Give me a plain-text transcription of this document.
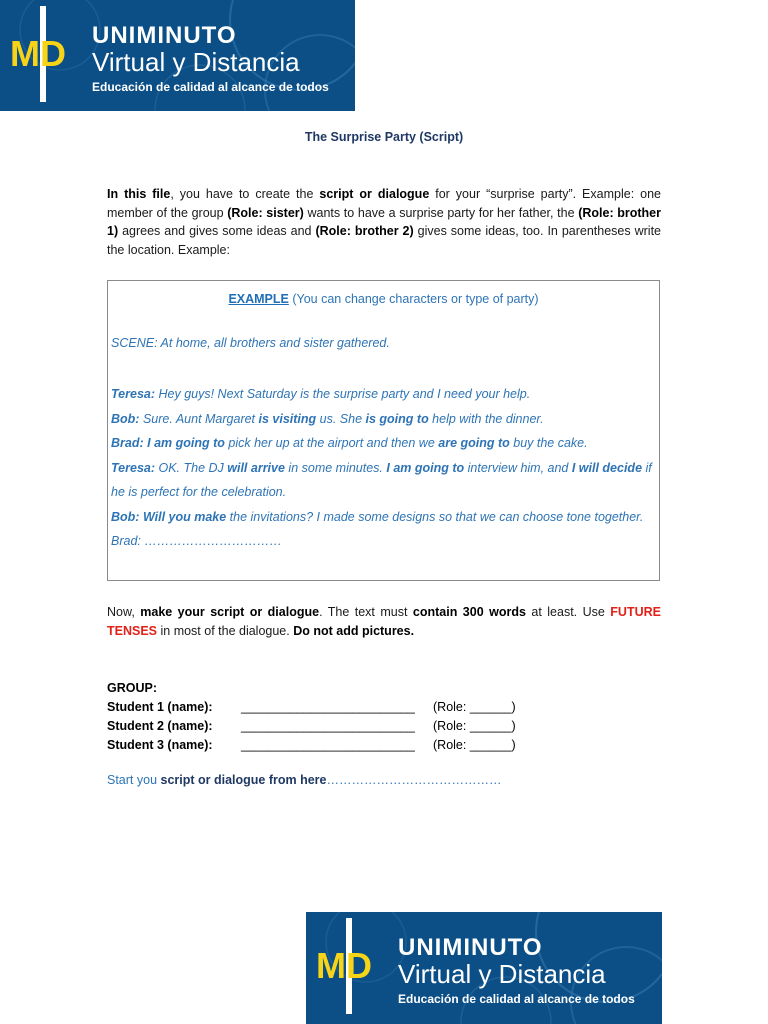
MD UNIMINUTO
Virtual y Distancia
Educación de calidad al alcance de todos
The Surprise Party (Script)
In this file, you have to create the script or dialogue for your “surprise party”. Example: one member of the group (Role: sister) wants to have a surprise party for her father, the (Role: brother 1) agrees and gives some ideas and (Role: brother 2) gives some ideas, too. In parentheses write the location. Example:
EXAMPLE (You can change characters or type of party)
SCENE: At home, all brothers and sister gathered.
Teresa: Hey guys! Next Saturday is the surprise party and I need your help.
Bob: Sure. Aunt Margaret is visiting us. She is going to help with the dinner.
Brad: I am going to pick her up at the airport and then we are going to buy the cake.
Teresa: OK. The DJ will arrive in some minutes. I am going to interview him, and I will decide if he is perfect for the celebration.
Bob: Will you make the invitations? I made some designs so that we can choose tone together.
Brad: ……………………………
Now, make your script or dialogue. The text must contain 300 words at least. Use FUTURE TENSES in most of the dialogue. Do not add pictures.
GROUP:
Student 1 (name): _________________________ (Role: ______)
Student 2 (name): _________________________ (Role: ______)
Student 3 (name): _________________________ (Role: ______)
Start you script or dialogue from here……………………………………
MD UNIMINUTO
Virtual y Distancia
Educación de calidad al alcance de todos
